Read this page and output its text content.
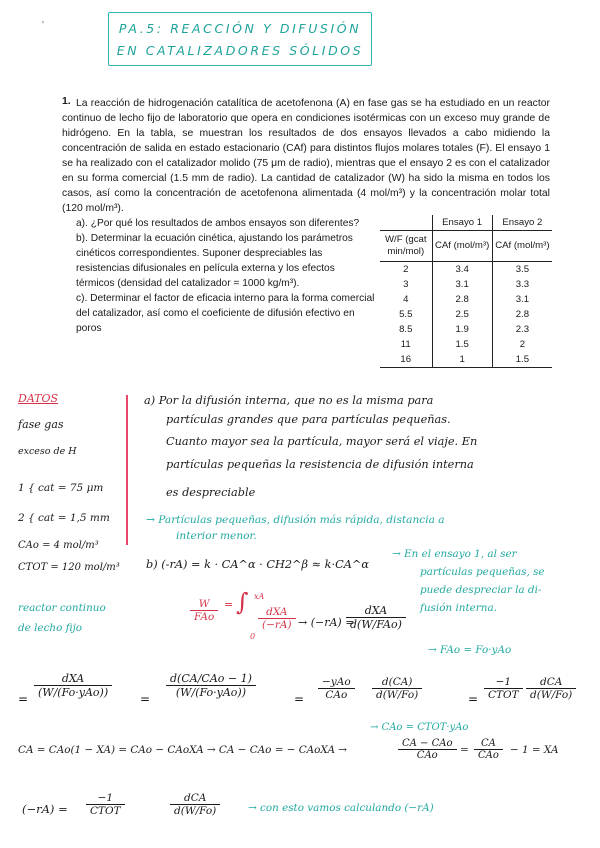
'	PA.5: REACCIÓN Y DIFUSIÓN
EN CATALIZADORES SÓLIDOS
1. La reacción de hidrogenación catalítica de acetofenona (A) en fase gas se ha estudiado en un reactor continuo de lecho fijo de laboratorio que opera en condiciones isotérmicas con un exceso muy grande de hidrógeno. En la tabla, se muestran los resultados de dos ensayos llevados a cabo midiendo la concentración de salida en estado estacionario (CAf) para distintos flujos molares totales (F). El ensayo 1 se ha realizado con el catalizador molido (75 μm de radio), mientras que el ensayo 2 es con el catalizador en su forma comercial (1.5 mm de radio). La cantidad de catalizador (W) ha sido la misma en todos los casos, así como la concentración de acetofenona alimentada (4 mol/m³) y la concentración molar total (120 mol/m³).

a). ¿Por qué los resultados de ambos ensayos son diferentes?

b). Determinar la ecuación cinética, ajustando los parámetros cinéticos correspondientes. Suponer despreciables las resistencias difusionales en película externa y los efectos térmicos (densidad del catalizador = 1000 kg/m³).

c). Determinar el factor de eficacia interno para la forma comercial del catalizador, así como el coeficiente de difusión efectivo en poros

	Ensayo 1	Ensayo 2
W/F (gcat min/mol)	CAf (mol/m³)	CAf (mol/m³)
2	3.4	3.5
3	3.1	3.3
4	2.8	3.1
5.5	2.5	2.8
8.5	1.9	2.3
11	1.5	2
16	1	1.5
DATOS
fase gas
exceso de H
1 { cat = 75 μm
2 { cat = 1,5 mm
CAo = 4 mol/m³
CTOT = 120 mol/m³
a) Por la difusión interna, que no es la misma para
partículas grandes que para partículas pequeñas.
Cuanto mayor sea la partícula, mayor será el viaje. En
partículas pequeñas la resistencia de difusión interna
es despreciable
→ Partículas pequeñas, difusión más rápida, distancia a
interior menor.
b) (-rA) = k · CA^α · CH2^β ≈ k·CA^α
→ En el ensayo 1, al ser
partículas pequeñas, se
puede despreciar la di-
fusión interna.
reactor continuo
de lecho fijo
W
FAo
= ∫ xA
0
dXA
(−rA) → (−rA) =
dXA
d(W/FAo)
→ FAo = Fo·yAo
=
dXA
(W/(Fo·yAo))	=
d(CA/CAo − 1)
(W/(Fo·yAo))	=
−yAo
CAo	$\frac{d(CA)}{d(W/Fo)}$	=
−1
CTOT
dCA
d(W/Fo)
→ CAo = CTOT·yAo
CA = CAo(1 − XA) = CAo − CAoXA → CA − CAo = − CAoXA →
CA − CAo
CAo	=
CA
CAo	− 1 = XA
(−rA) =
−1
CTOT
dCA
d(W/Fo)	→ con esto vamos calculando (−rA)
